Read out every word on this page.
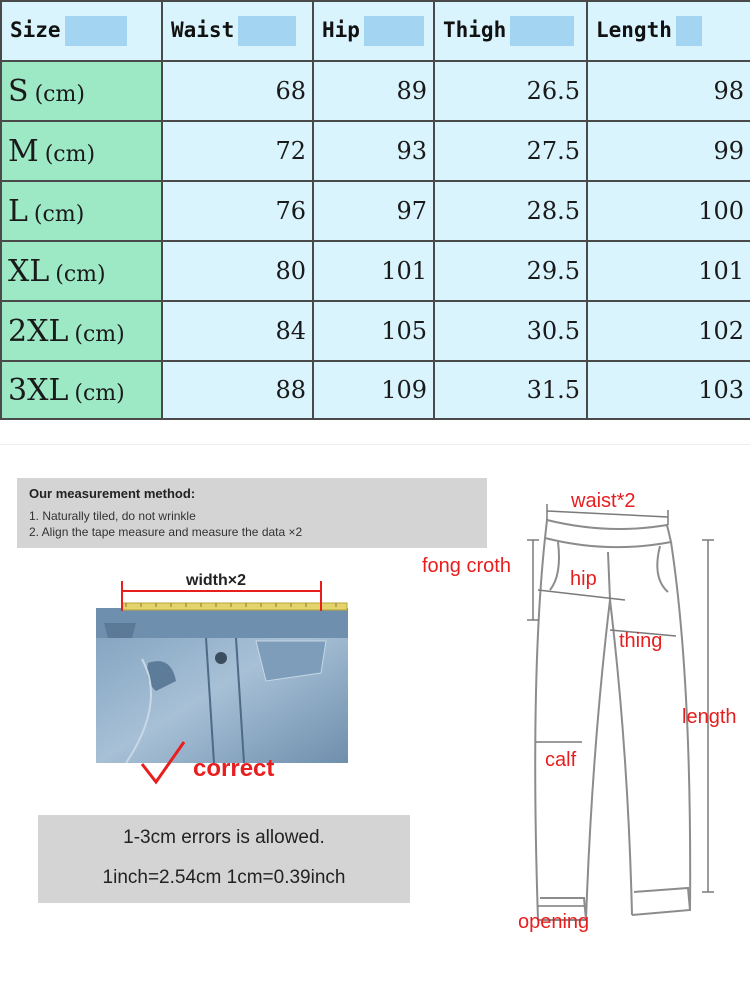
Size	Waist	Hip	Thigh	Length
S (cm)	68	89	26.5	98
M (cm)	72	93	27.5	99
L (cm)	76	97	28.5	100
XL (cm)	80	101	29.5	101
2XL (cm)	84	105	30.5	102
3XL (cm)	88	109	31.5	103
Our measurement method:
1. Naturally tiled, do not wrinkle
2. Align the tape measure and measure the data ×2
width×2
correct
1-3cm errors is allowed.
1inch=2.54cm 1cm=0.39inch
waist*2
fong croth
hip
thing
length
calf
opening
